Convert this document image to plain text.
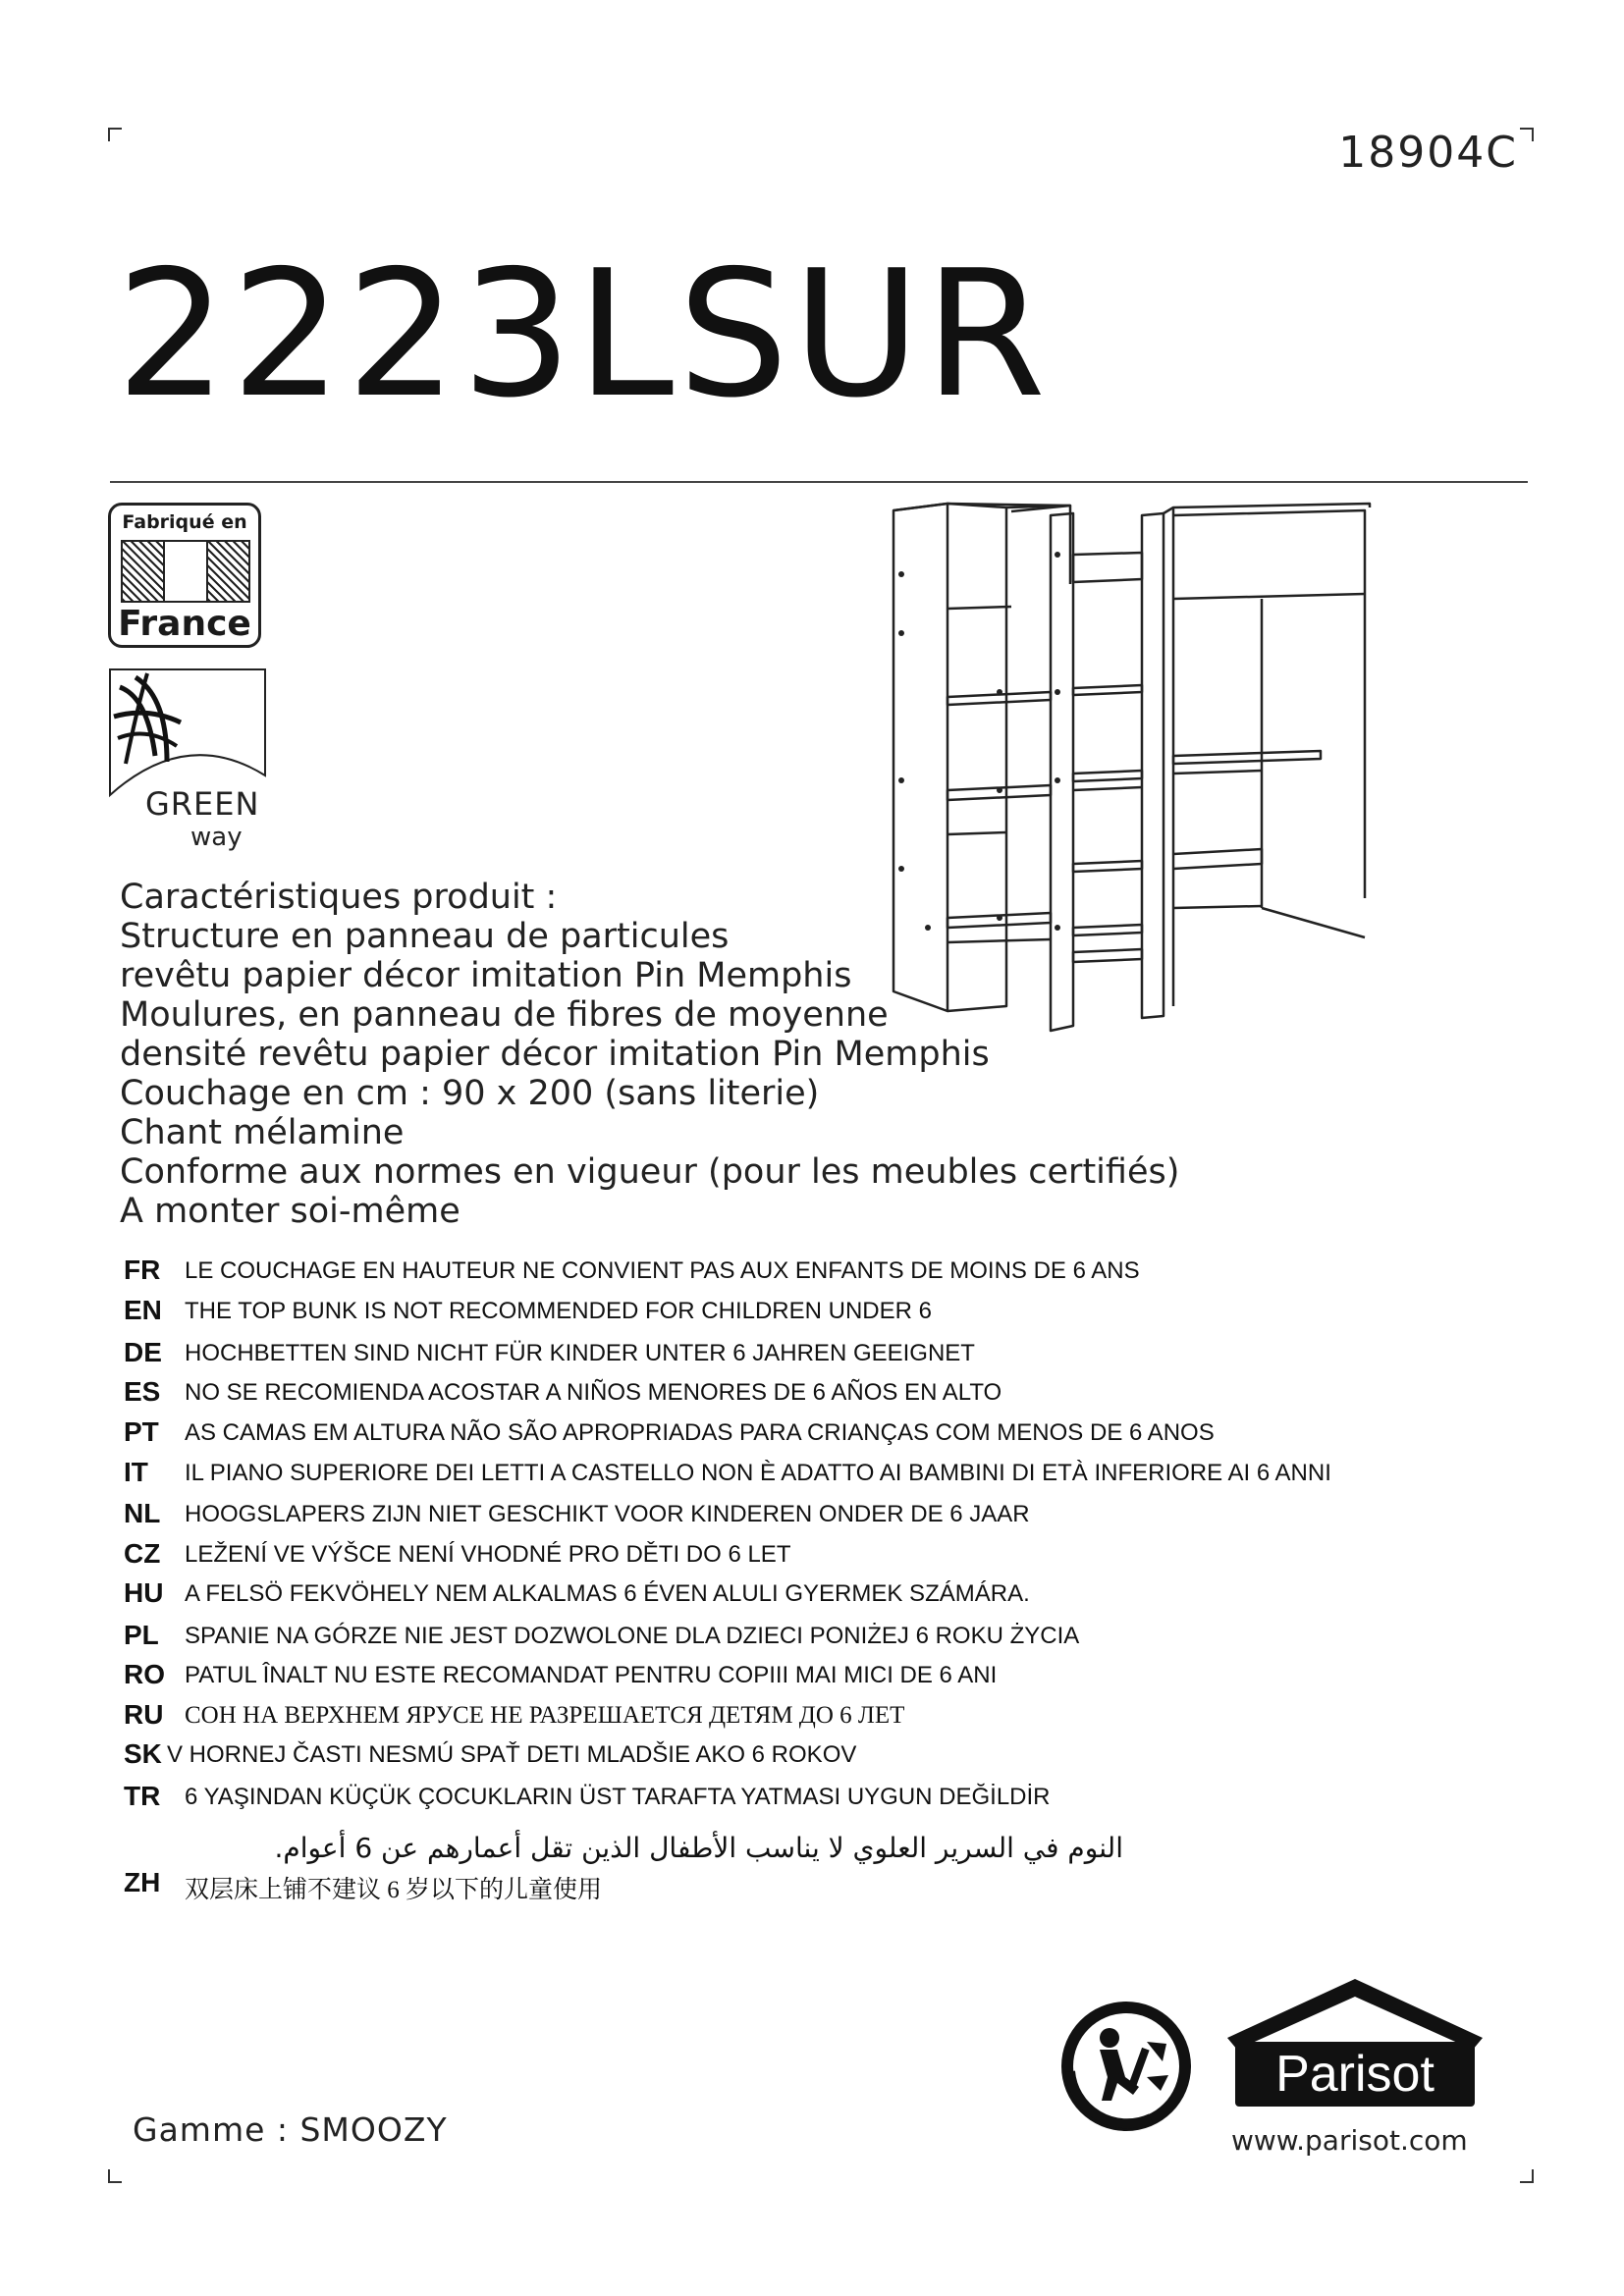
18904C
2223LSUR
Fabriqué en
France
GREEN
way
Caractéristiques produit :
Structure en panneau de particules
revêtu papier décor imitation Pin Memphis
Moulures, en panneau de fibres de moyenne
densité revêtu papier décor imitation Pin Memphis
Couchage en cm : 90 x 200 (sans literie)
Chant mélamine
Conforme aux normes en vigueur (pour les meubles certifiés)
A monter soi-même
FR LE COUCHAGE EN HAUTEUR NE CONVIENT PAS AUX ENFANTS DE MOINS DE 6 ANS
EN THE TOP BUNK IS NOT RECOMMENDED FOR CHILDREN UNDER 6
DE HOCHBETTEN SIND NICHT FÜR KINDER UNTER 6 JAHREN GEEIGNET
ES NO SE RECOMIENDA ACOSTAR A NIÑOS MENORES DE 6 AÑOS EN ALTO
PT AS CAMAS EM ALTURA NÃO SÃO APROPRIADAS PARA CRIANÇAS COM MENOS DE 6 ANOS
IT IL PIANO SUPERIORE DEI LETTI A CASTELLO NON È ADATTO AI BAMBINI DI ETÀ INFERIORE AI 6 ANNI
NL HOOGSLAPERS ZIJN NIET GESCHIKT VOOR KINDEREN ONDER DE 6 JAAR
CZ LEŽENÍ VE VÝŠCE NENÍ VHODNÉ PRO DĚTI DO 6 LET
HU A FELSÖ FEKVÖHELY NEM ALKALMAS 6 ÉVEN ALULI GYERMEK SZÁMÁRA.
PL SPANIE NA GÓRZE NIE JEST DOZWOLONE DLA DZIECI PONIŻEJ 6 ROKU ŻYCIA
RO PATUL ÎNALT NU ESTE RECOMANDAT PENTRU COPIII MAI MICI DE 6 ANI
RU СОН НА ВЕРХНЕМ ЯРУСЕ НЕ РАЗРЕШАЕТСЯ ДЕТЯМ ДО 6 ЛЕТ
SK V HORNEJ ČASTI NESMÚ SPAŤ DETI MLADŠIE AKO 6 ROKOV
TR 6 YAŞINDAN KÜÇÜK ÇOCUKLARIN ÜST TARAFTA YATMASI UYGUN DEĞİLDİR
ZH 双层床上铺不建议 6 岁以下的儿童使用
النوم في السرير العلوي لا يناسب الأطفال الذين تقل أعمارهم عن 6 أعوام.
Gamme : SMOOZY
Parisot
www.parisot.com
